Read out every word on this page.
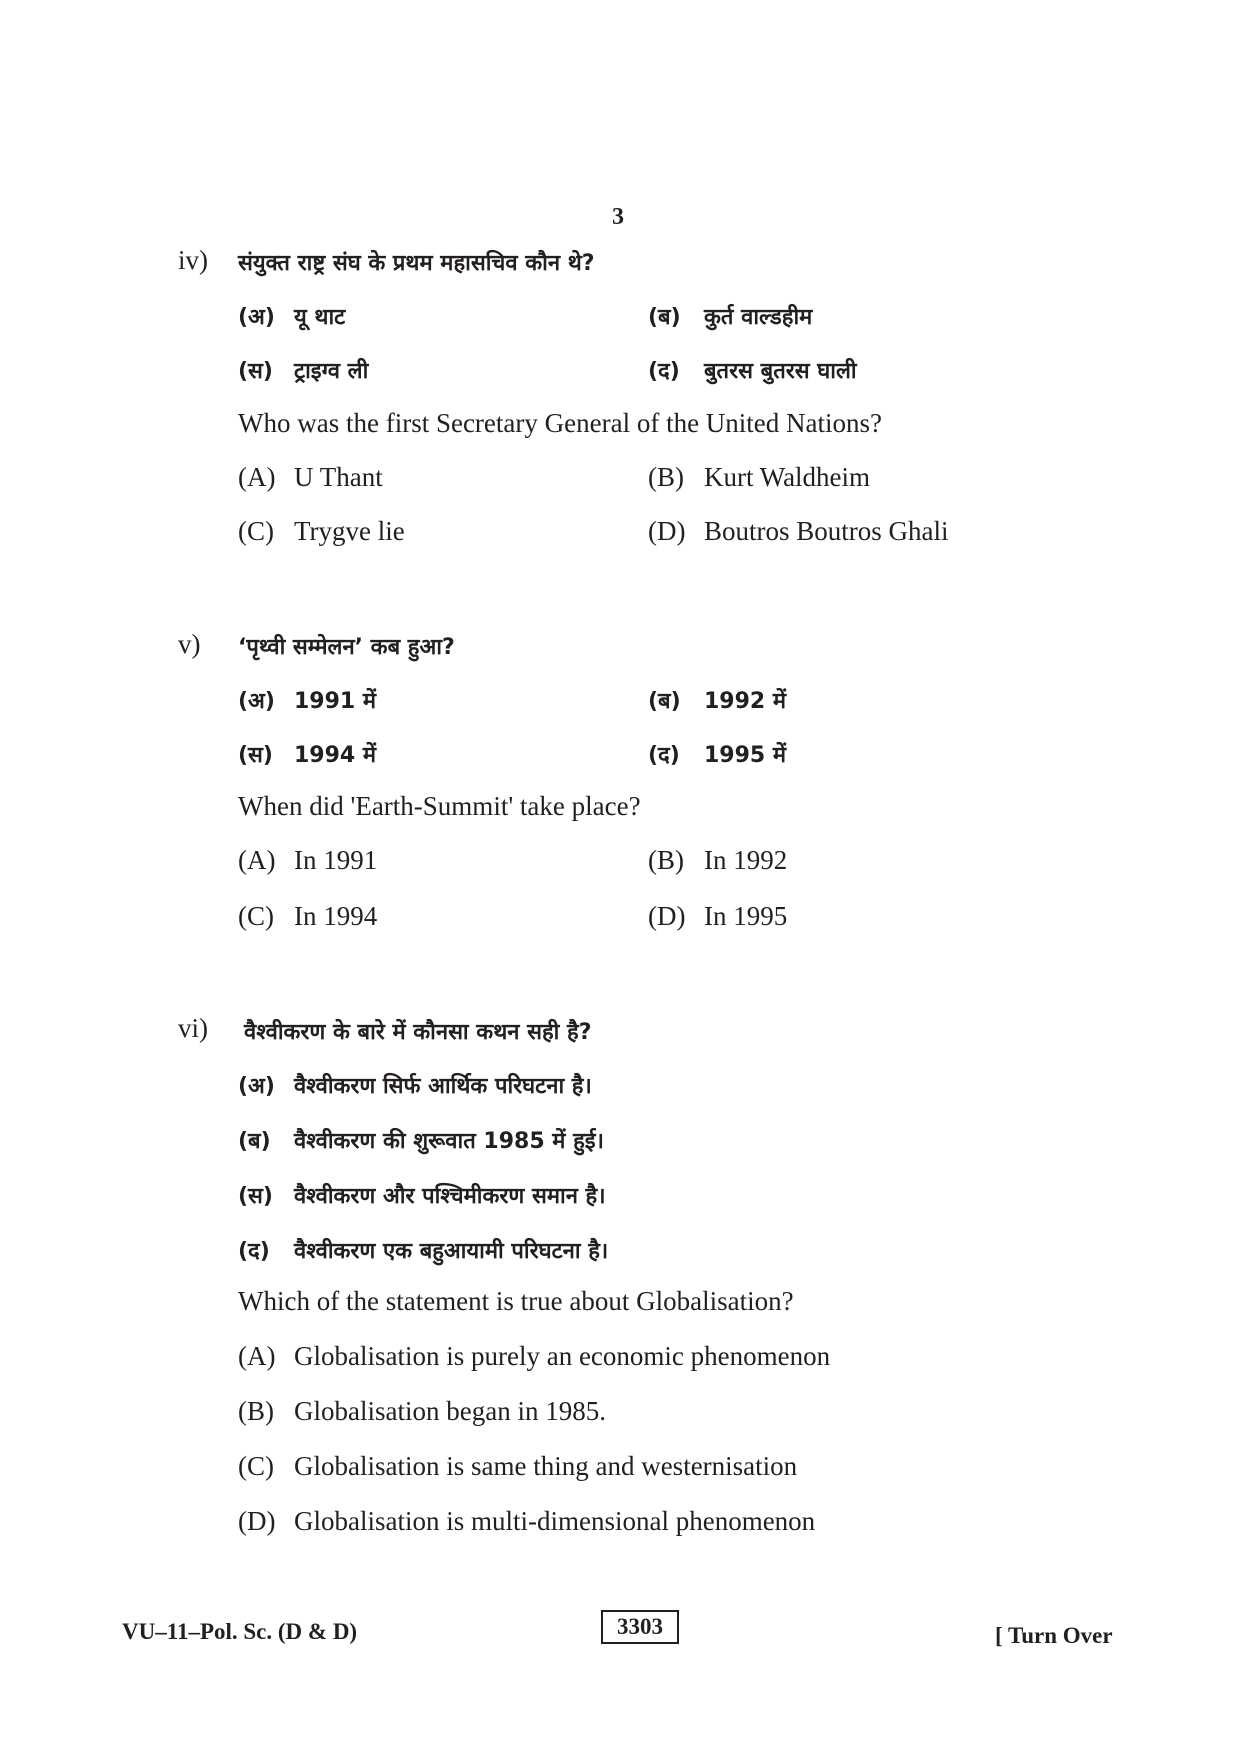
3
iv) संयुक्त राष्ट्र संघ के प्रथम महासचिव कौन थे?
(अ) यू थाट	(ब) कुर्त वाल्डहीम
(स) ट्राइग्व ली	(द) बुतरस बुतरस घाली
Who was the first Secretary General of the United Nations?
(A) U Thant	(B) Kurt Waldheim
(C) Trygve lie	(D) Boutros Boutros Ghali
v) ‘पृथ्वी सम्मेलन’ कब हुआ?
(अ) 1991 में	(ब) 1992 में
(स) 1994 में	(द) 1995 में
When did 'Earth-Summit' take place?
(A) In 1991	(B) In 1992
(C) In 1994	(D) In 1995
vi) वैश्वीकरण के बारे में कौनसा कथन सही है?
(अ) वैश्वीकरण सिर्फ आर्थिक परिघटना है।
(ब) वैश्वीकरण की शुरूवात 1985 में हुई।
(स) वैश्वीकरण और पश्चिमीकरण समान है।
(द) वैश्वीकरण एक बहुआयामी परिघटना है।
Which of the statement is true about Globalisation?
(A) Globalisation is purely an economic phenomenon
(B) Globalisation began in 1985.
(C) Globalisation is same thing and westernisation
(D) Globalisation is multi-dimensional phenomenon
VU–11–Pol. Sc. (D & D)	3303	[ Turn Over
